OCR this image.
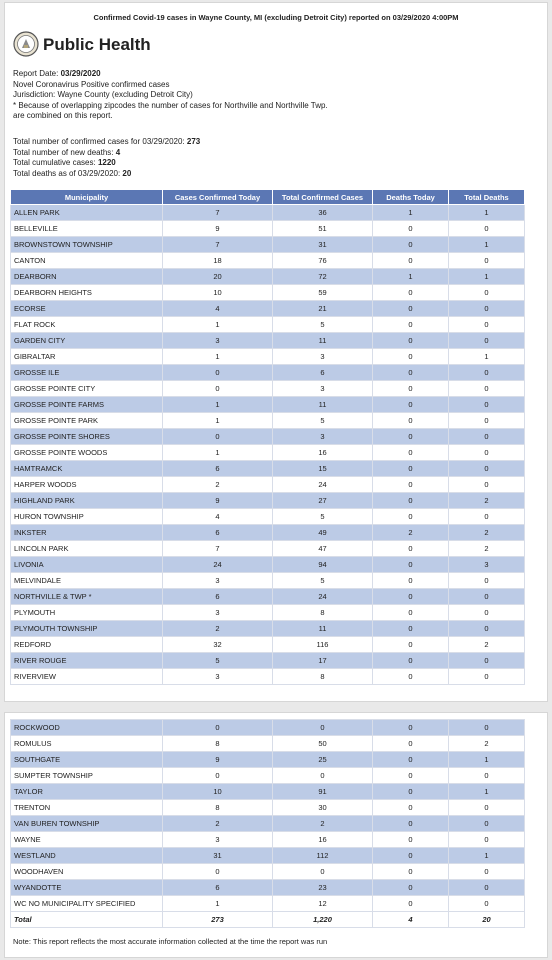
Confirmed Covid-19 cases in Wayne County, MI (excluding Detroit City) reported on 03/29/2020 4:00PM
Public Health
Report Date: 03/29/2020
Novel Coronavirus Positive confirmed cases
Jurisdiction: Wayne County (excluding Detroit City)
* Because of overlapping zipcodes the number of cases for Northville and Northville Twp.
are combined on this report.
Total number of confirmed cases for 03/29/2020: 273
Total number of new deaths: 4
Total cumulative cases: 1220
Total deaths as of 03/29/2020: 20
Municipality	Cases Confirmed Today	Total Confirmed Cases	Deaths Today	Total Deaths
ALLEN PARK	7	36	1	1
BELLEVILLE	9	51	0	0
BROWNSTOWN TOWNSHIP	7	31	0	1
CANTON	18	76	0	0
DEARBORN	20	72	1	1
DEARBORN HEIGHTS	10	59	0	0
ECORSE	4	21	0	0
FLAT ROCK	1	5	0	0
GARDEN CITY	3	11	0	0
GIBRALTAR	1	3	0	1
GROSSE ILE	0	6	0	0
GROSSE POINTE CITY	0	3	0	0
GROSSE POINTE FARMS	1	11	0	0
GROSSE POINTE PARK	1	5	0	0
GROSSE POINTE SHORES	0	3	0	0
GROSSE POINTE WOODS	1	16	0	0
HAMTRAMCK	6	15	0	0
HARPER WOODS	2	24	0	0
HIGHLAND PARK	9	27	0	2
HURON TOWNSHIP	4	5	0	0
INKSTER	6	49	2	2
LINCOLN PARK	7	47	0	2
LIVONIA	24	94	0	3
MELVINDALE	3	5	0	0
NORTHVILLE & TWP *	6	24	0	0
PLYMOUTH	3	8	0	0
PLYMOUTH TOWNSHIP	2	11	0	0
REDFORD	32	116	0	2
RIVER ROUGE	5	17	0	0
RIVERVIEW	3	8	0	0
ROCKWOOD	0	0	0	0
ROMULUS	8	50	0	2
SOUTHGATE	9	25	0	1
SUMPTER TOWNSHIP	0	0	0	0
TAYLOR	10	91	0	1
TRENTON	8	30	0	0
VAN BUREN TOWNSHIP	2	2	0	0
WAYNE	3	16	0	0
WESTLAND	31	112	0	1
WOODHAVEN	0	0	0	0
WYANDOTTE	6	23	0	0
WC NO MUNICIPALITY SPECIFIED	1	12	0	0
Total	273	1,220	4	20
Note: This report reflects the most accurate information collected at the time the report was run
